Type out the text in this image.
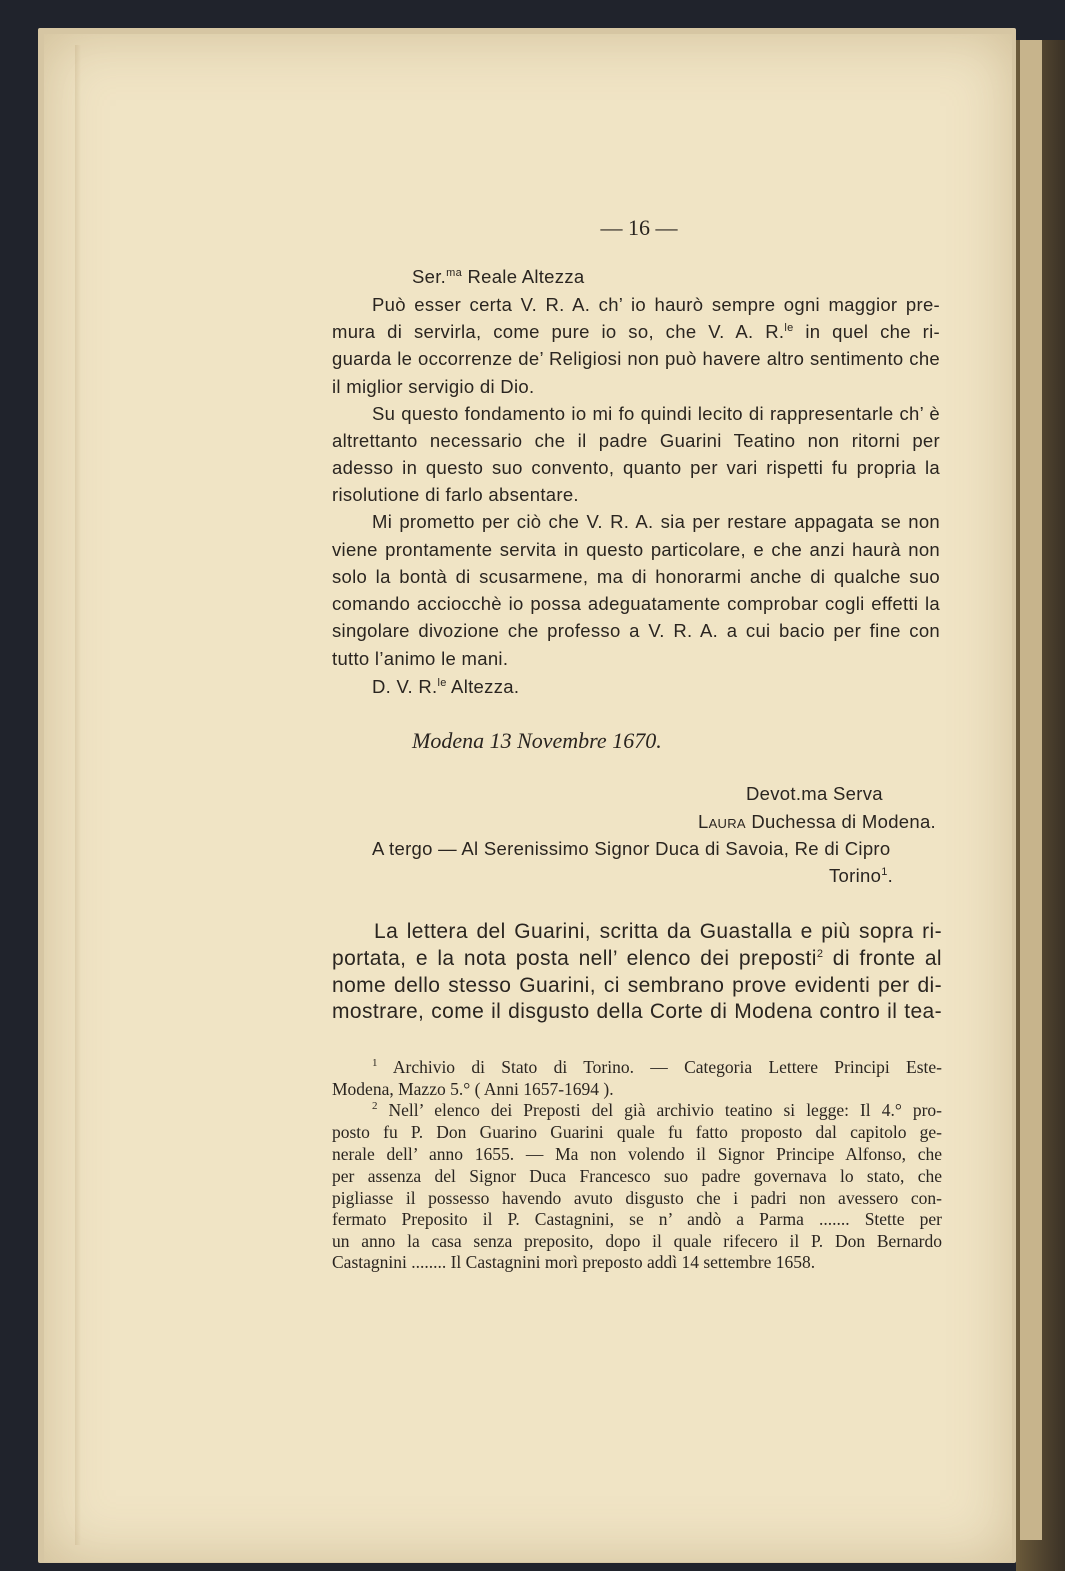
— 16 —
Ser.$^{ma}$ Reale Altezza
Può esser certa V. R. A. ch’ io haurò sempre ogni maggior pre-
mura di servirla, come pure io so, che V. A. R.$^{le}$ in quel che ri-
guarda le occorrenze de’ Religiosi non può havere altro sentimento che
il miglior servigio di Dio.
Su questo fondamento io mi fo quindi lecito di rappresentarle ch’ è
altrettanto necessario che il padre Guarini Teatino non ritorni per
adesso in questo suo convento, quanto per vari rispetti fu propria la
risolutione di farlo absentare.
Mi prometto per ciò che V. R. A. sia per restare appagata se non
viene prontamente servita in questo particolare, e che anzi haurà non
solo la bontà di scusarmene, ma di honorarmi anche di qualche suo
comando acciocchè io possa adeguatamente comprobar cogli effetti la
singolare divozione che professo a V. R. A. a cui bacio per fine con
tutto l’animo le mani.
D. V. R.$^{le}$ Altezza.
Modena 13 Novembre 1670.
Devot.ma Serva
Laura Duchessa di Modena.
A tergo — Al Serenissimo Signor Duca di Savoia, Re di Cipro
Torino$^1$.
La lettera del Guarini, scritta da Guastalla e più sopra ri-
portata, e la nota posta nell’ elenco dei preposti$^2$ di fronte al
nome dello stesso Guarini, ci sembrano prove evidenti per di-
mostrare, come il disgusto della Corte di Modena contro il tea-
$^1$ Archivio di Stato di Torino. — Categoria Lettere Principi Este-
Modena, Mazzo 5.° ( Anni 1657-1694 ).
$^2$ Nell’ elenco dei Preposti del già archivio teatino si legge: Il 4.° pro-
posto fu P. Don Guarino Guarini quale fu fatto proposto dal capitolo ge-
nerale dell’ anno 1655. — Ma non volendo il Signor Principe Alfonso, che
per assenza del Signor Duca Francesco suo padre governava lo stato, che
pigliasse il possesso havendo avuto disgusto che i padri non avessero con-
fermato Preposito il P. Castagnini, se n’ andò a Parma ....... Stette per
un anno la casa senza preposito, dopo il quale rifecero il P. Don Bernardo
Castagnini ........ Il Castagnini morì preposto addì 14 settembre 1658.
